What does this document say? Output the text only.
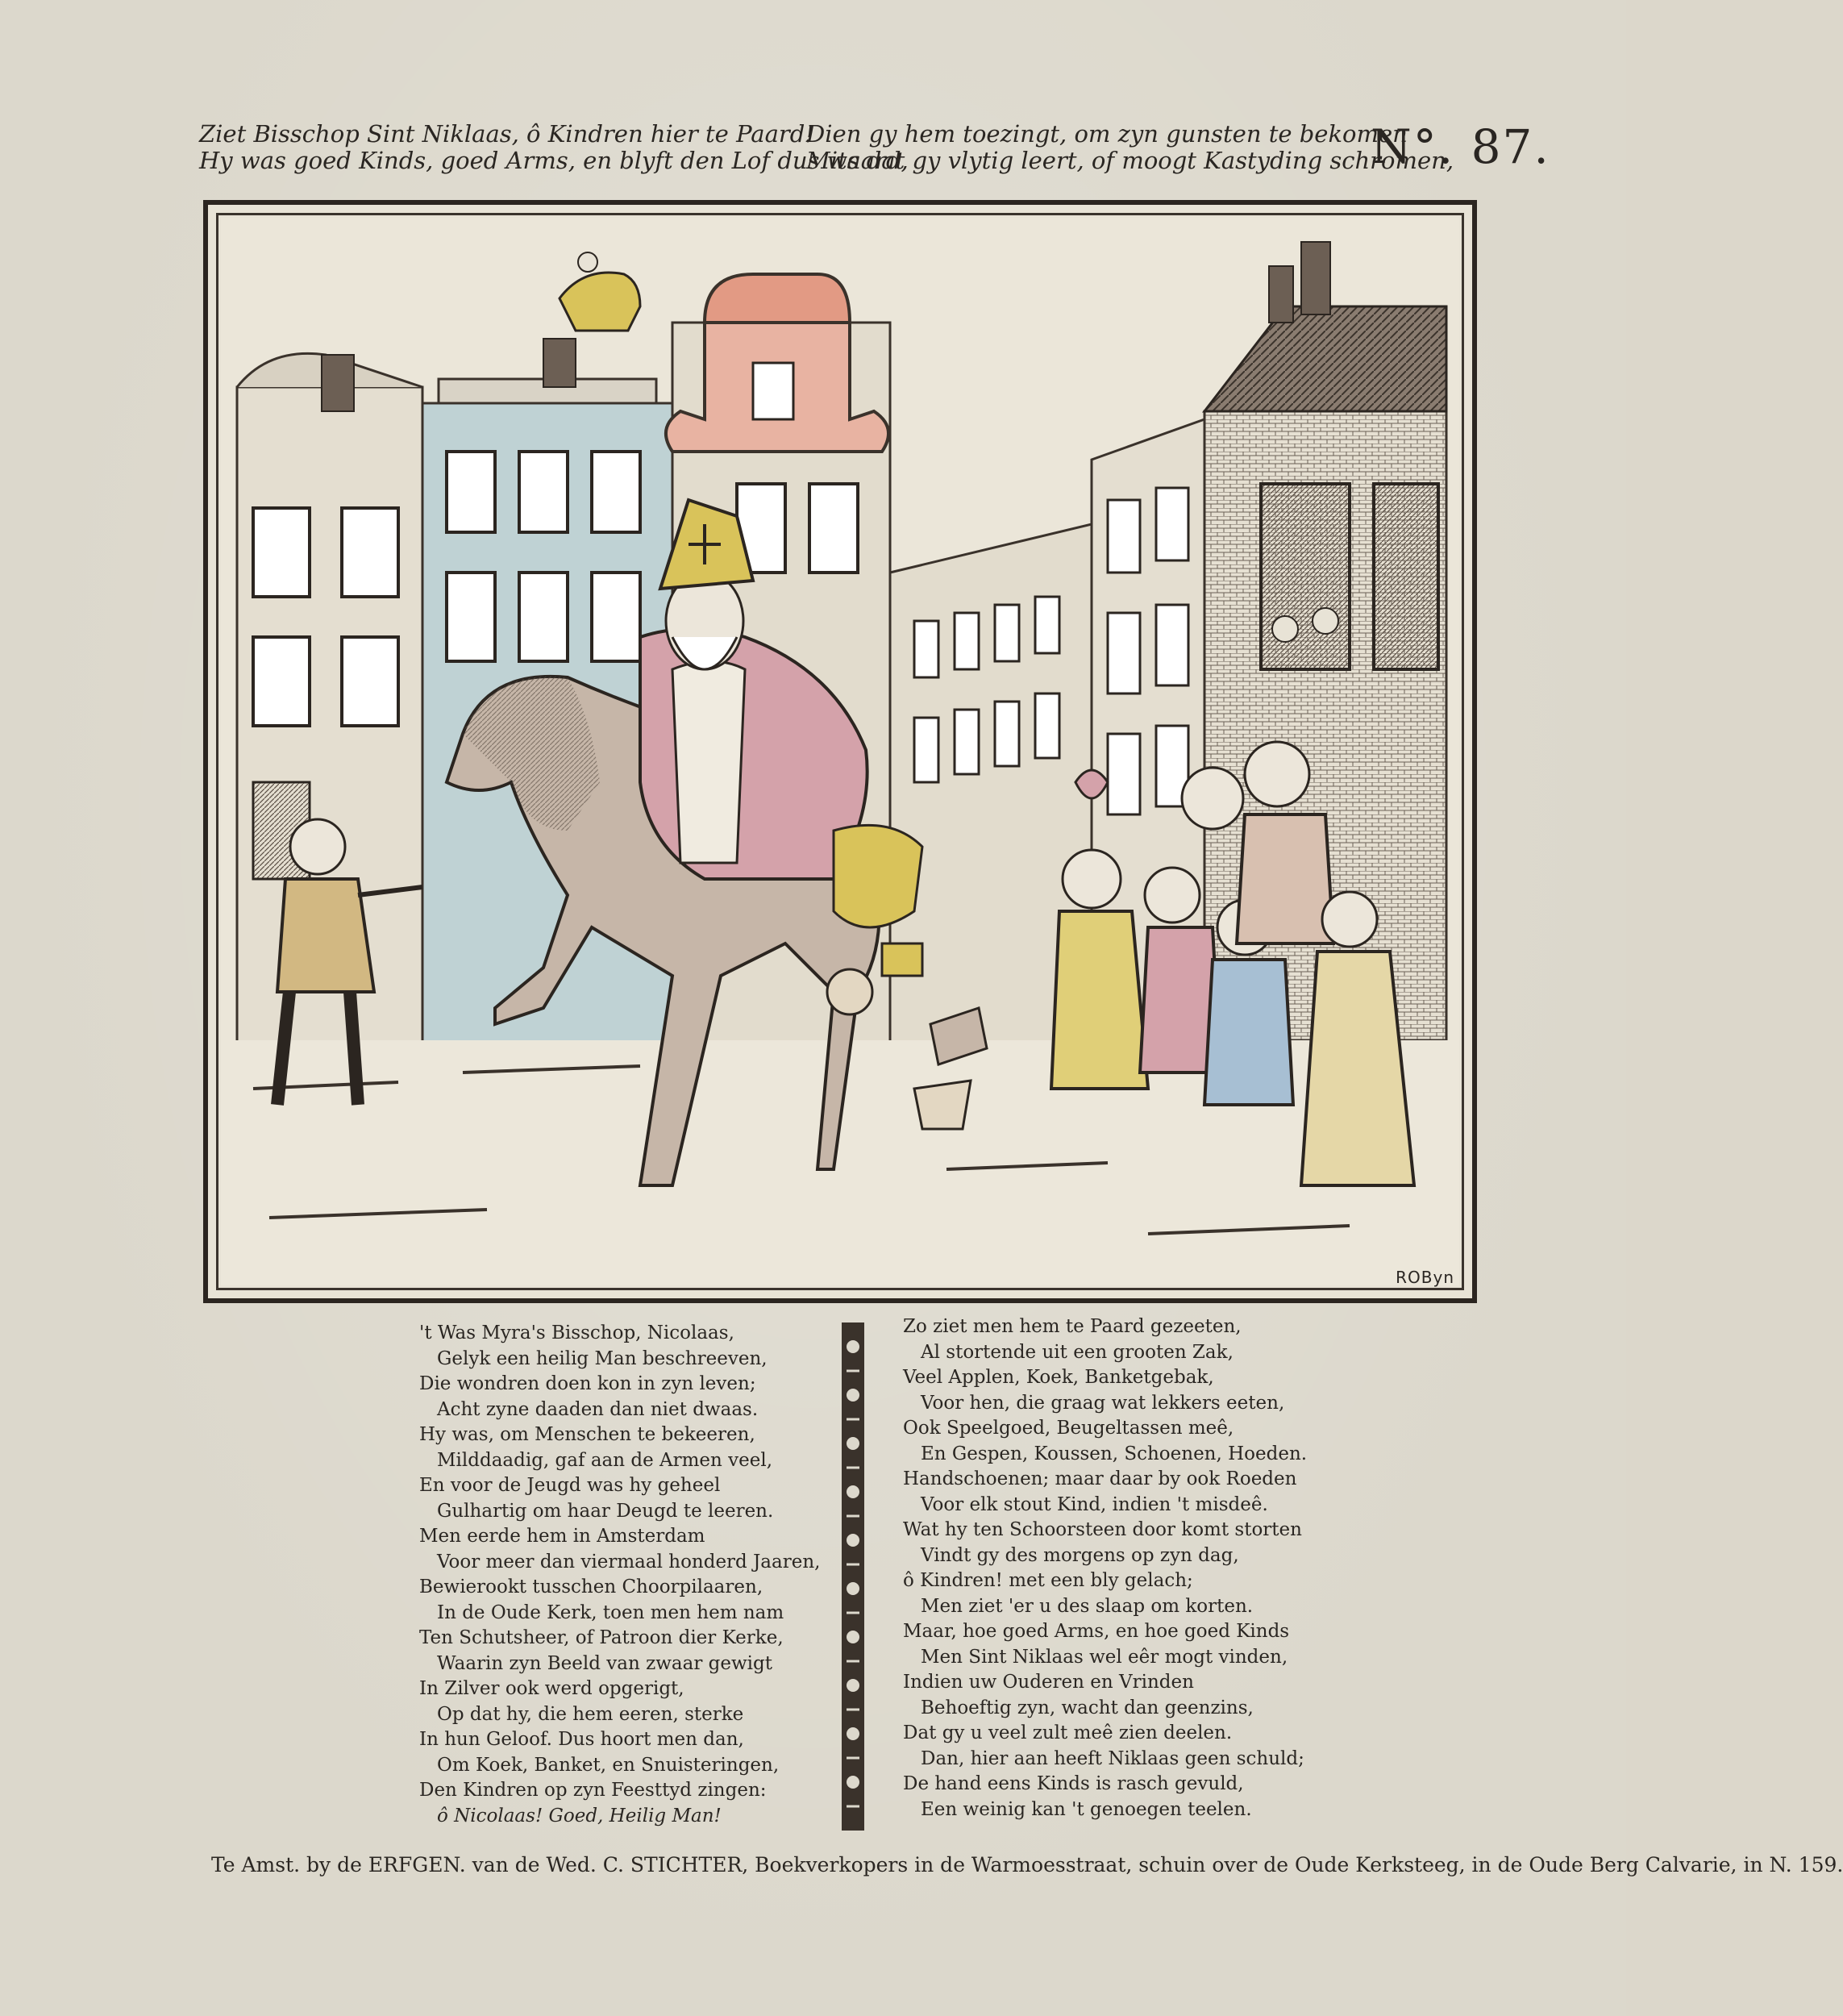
Ziet Bisschop Sint Niklaas, ô Kindren hier te Paard!
Hy was goed Kinds, goed Arms, en blyft den Lof dus waard,
Dien gy hem toezingt, om zyn gunsten te bekomen
Mits dat gy vlytig leert, of moogt Kastyding schromen,
N°. 87.
ROByn
't Was Myra's Bisschop, Nicolaas,
Gelyk een heilig Man beschreeven,
Die wondren doen kon in zyn leven;
Acht zyne daaden dan niet dwaas.
Hy was, om Menschen te bekeeren,
Milddaadig, gaf aan de Armen veel,
En voor de Jeugd was hy geheel
Gulhartig om haar Deugd te leeren.
Men eerde hem in Amsterdam
Voor meer dan viermaal honderd Jaaren,
Bewierookt tusschen Choorpilaaren,
In de Oude Kerk, toen men hem nam
Ten Schutsheer, of Patroon dier Kerke,
Waarin zyn Beeld van zwaar gewigt
In Zilver ook werd opgerigt,
Op dat hy, die hem eeren, sterke
In hun Geloof. Dus hoort men dan,
Om Koek, Banket, en Snuisteringen,
Den Kindren op zyn Feesttyd zingen:
ô Nicolaas! Goed, Heilig Man!
Zo ziet men hem te Paard gezeeten,
Al stortende uit een grooten Zak,
Veel Applen, Koek, Banketgebak,
Voor hen, die graag wat lekkers eeten,
Ook Speelgoed, Beugeltassen meê,
En Gespen, Koussen, Schoenen, Hoeden.
Handschoenen; maar daar by ook Roeden
Voor elk stout Kind, indien 't misdeê.
Wat hy ten Schoorsteen door komt storten
Vindt gy des morgens op zyn dag,
ô Kindren! met een bly gelach;
Men ziet 'er u des slaap om korten.
Maar, hoe goed Arms, en hoe goed Kinds
Men Sint Niklaas wel eêr mogt vinden,
Indien uw Ouderen en Vrinden
Behoeftig zyn, wacht dan geenzins,
Dat gy u veel zult meê zien deelen.
Dan, hier aan heeft Niklaas geen schuld;
De hand eens Kinds is rasch gevuld,
Een weinig kan 't genoegen teelen.
Te Amst. by de ERFGEN. van de Wed. C. STICHTER, Boekverkopers in de Warmoesstraat, schuin over de Oude Kerksteeg, in de Oude Berg Calvarie, in N. 159.
